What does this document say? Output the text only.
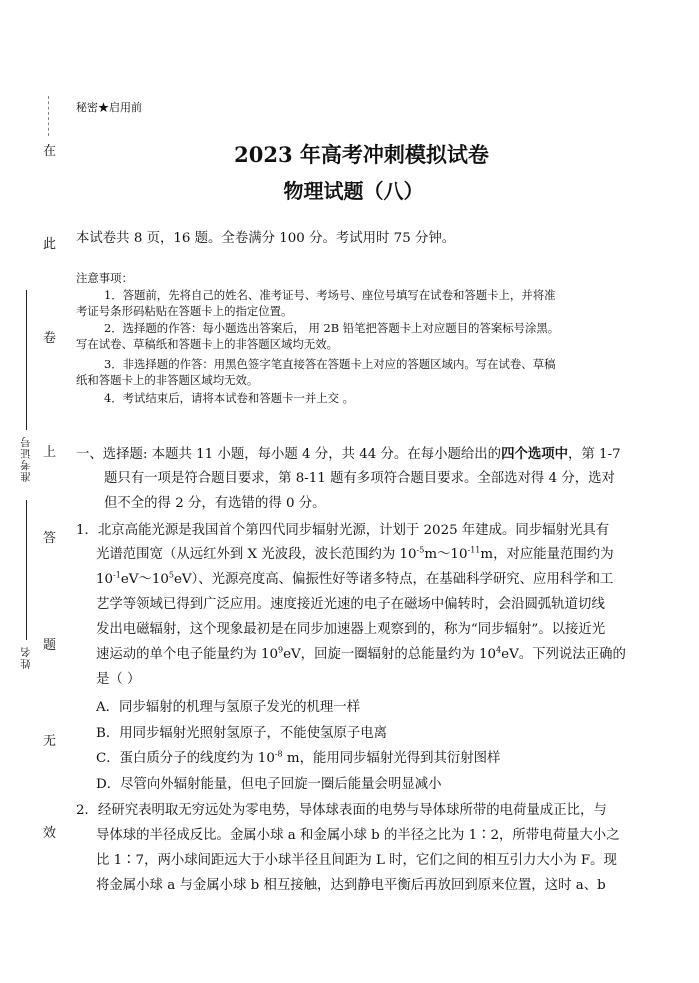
在
此
卷
上
答
题
无
效
准考证号
姓名
秘密★启用前
2023 年高考冲刺模拟试卷
物理试题（八）
本试卷共 8 页，16 题。全卷满分 100 分。考试用时 75 分钟。
注意事项：
1．答题前，先将自己的姓名、准考证号、考场号、座位号填写在试卷和答题卡上，并将准
考证号条形码粘贴在答题卡上的指定位置。
2．选择题的作答：每小题选出答案后， 用 2B 铅笔把答题卡上对应题目的答案标号涂黑。
写在试卷、草稿纸和答题卡上的非答题区域均无效。
3．非选择题的作答：用黑色签字笔直接答在答题卡上对应的答题区域内。写在试卷、草稿
纸和答题卡上的非答题区域均无效。
4．考试结束后，请将本试卷和答题卡一并上交 。
一、选择题: 本题共 11 小题，每小题 4 分，共 44 分。在每小题给出的四个选项中，第 1-7
题只有一项是符合题目要求，第 8-11 题有多项符合题目要求。全部选对得 4 分，选对
但不全的得 2 分，有选错的得 0 分。
1．北京高能光源是我国首个第四代同步辐射光源，计划于 2025 年建成。同步辐射光具有
光谱范围宽（从远红外到 X 光波段，波长范围约为 $10^{-5}m\sim 10^{-11}m$，对应能量范围约为
$10^{-1}eV\sim 10^5eV$）、光源亮度高、偏振性好等诸多特点，在基础科学研究、应用科学和工
艺学等领域已得到广泛应用。速度接近光速的电子在磁场中偏转时，会沿圆弧轨道切线
发出电磁辐射，这个现象最初是在同步加速器上观察到的，称为“同步辐射”。以接近光
速运动的单个电子能量约为 $10^9eV$，回旋一圈辐射的总能量约为 $10^4eV$。下列说法正确的
是（ ）
A．同步辐射的机理与氢原子发光的机理一样
B．用同步辐射光照射氢原子，不能使氢原子电离
C．蛋白质分子的线度约为 $10^{-8}$ m，能用同步辐射光得到其衍射图样
D．尽管向外辐射能量，但电子回旋一圈后能量会明显减小
2．经研究表明取无穷远处为零电势，导体球表面的电势与导体球所带的电荷量成正比，与
导体球的半径成反比。金属小球 a 和金属小球 b 的半径之比为 1∶2，所带电荷量大小之
比 1∶7，两小球间距远大于小球半径且间距为 L 时，它们之间的相互引力大小为 F。现
将金属小球 a 与金属小球 b 相互接触，达到静电平衡后再放回到原来位置，这时 a、b
